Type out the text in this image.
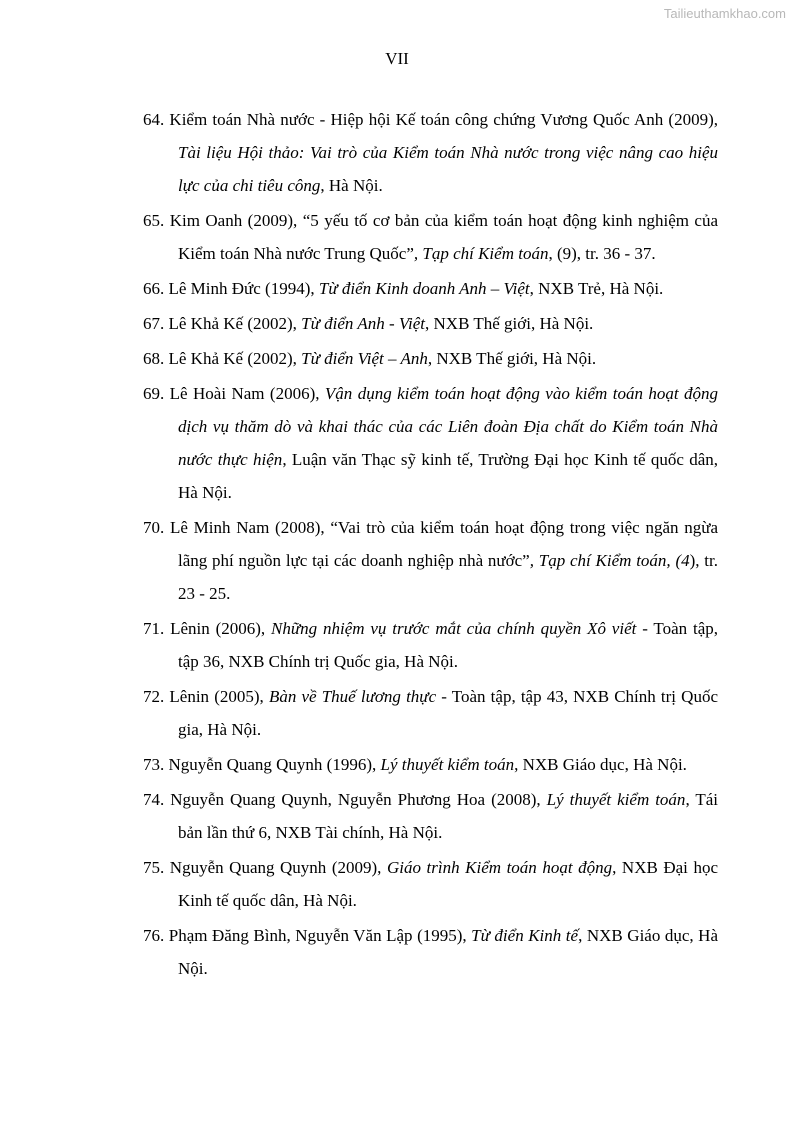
Tailieuthamkhao.com
VII
64. Kiểm toán Nhà nước - Hiệp hội Kế toán công chứng Vương Quốc Anh (2009), Tài liệu Hội thảo: Vai trò của Kiểm toán Nhà nước trong việc nâng cao hiệu lực của chi tiêu công, Hà Nội.
65. Kim Oanh (2009), “5 yếu tố cơ bản của kiểm toán hoạt động kinh nghiệm của Kiểm toán Nhà nước Trung Quốc”, Tạp chí Kiểm toán, (9), tr. 36 - 37.
66. Lê Minh Đức (1994), Từ điển Kinh doanh Anh – Việt, NXB Trẻ, Hà Nội.
67. Lê Khả Kế (2002), Từ điển Anh - Việt, NXB Thế giới, Hà Nội.
68. Lê Khả Kế (2002), Từ điển Việt – Anh, NXB Thế giới, Hà Nội.
69. Lê Hoài Nam (2006), Vận dụng kiểm toán hoạt động vào kiểm toán hoạt động dịch vụ thăm dò và khai thác của các Liên đoàn Địa chất do Kiểm toán Nhà nước thực hiện, Luận văn Thạc sỹ kinh tế, Trường Đại học Kinh tế quốc dân, Hà Nội.
70. Lê Minh Nam (2008), “Vai trò của kiểm toán hoạt động trong việc ngăn ngừa lãng phí nguồn lực tại các doanh nghiệp nhà nước”, Tạp chí Kiểm toán, (4), tr. 23 - 25.
71. Lênin (2006), Những nhiệm vụ trước mắt của chính quyền Xô viết - Toàn tập, tập 36, NXB Chính trị Quốc gia, Hà Nội.
72. Lênin (2005), Bàn về Thuế lương thực - Toàn tập, tập 43, NXB Chính trị Quốc gia, Hà Nội.
73. Nguyễn Quang Quynh (1996), Lý thuyết kiểm toán, NXB Giáo dục, Hà Nội.
74. Nguyễn Quang Quynh, Nguyễn Phương Hoa (2008), Lý thuyết kiểm toán, Tái bản lần thứ 6, NXB Tài chính, Hà Nội.
75. Nguyễn Quang Quynh (2009), Giáo trình Kiểm toán hoạt động, NXB Đại học Kinh tế quốc dân, Hà Nội.
76. Phạm Đăng Bình, Nguyễn Văn Lập (1995), Từ điển Kinh tế, NXB Giáo dục, Hà Nội.
